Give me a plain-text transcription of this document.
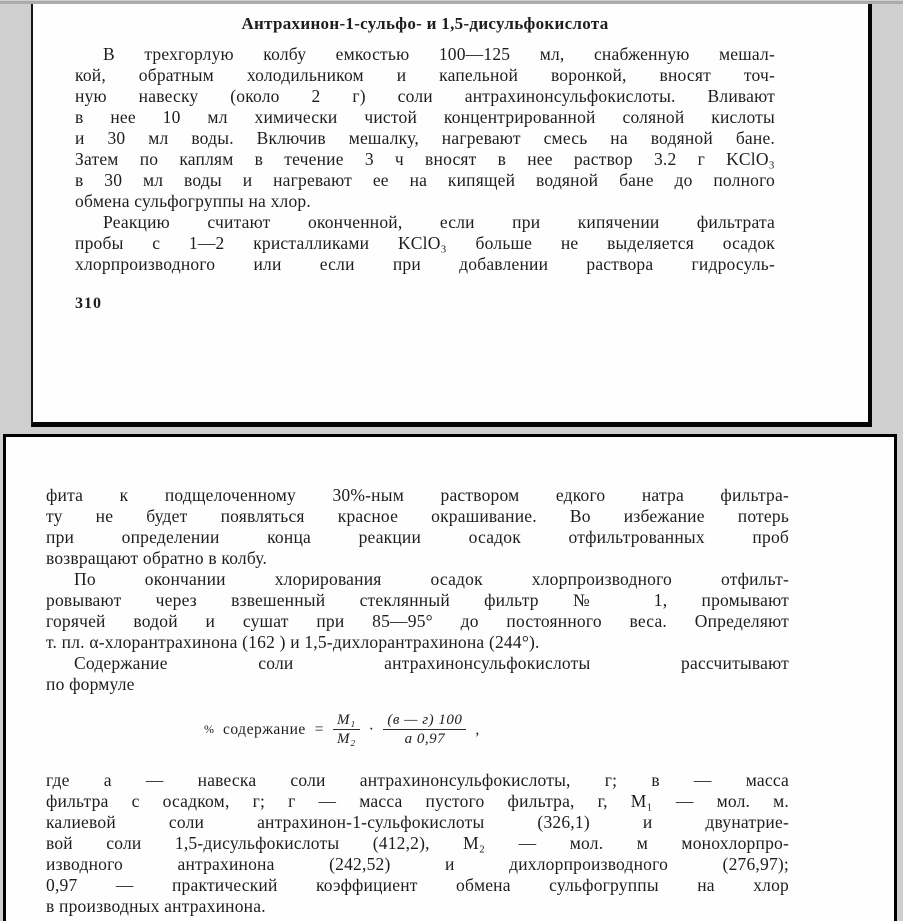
Антрахинон-1-сульфо- и 1,5-дисульфокислота
В трехгорлую колбу емкостью 100—125 мл, снабженную мешал-
кой, обратным холодильником и капельной воронкой, вносят точ-
ную навеску (около 2 г) соли антрахинонсульфокислоты. Вливают
в нее 10 мл химически чистой концентрированной соляной кислоты
и 30 мл воды. Включив мешалку, нагревают смесь на водяной бане.
Затем по каплям в течение 3 ч вносят в нее раствор 3.2 г KClO₃
в 30 мл воды и нагревают ее на кипящей водяной бане до полного
обмена сульфогруппы на хлор.
Реакцию считают оконченной, если при кипячении фильтрата
пробы с 1—2 кристалликами KClO₃ больше не выделяется осадок
хлорпроизводного или если при добавлении раствора гидросуль-
310
фита к подщелоченному 30%-ным раствором едкого натра фильтра-
ту не будет появляться красное окрашивание. Во избежание потерь
при определении конца реакции осадок отфильтрованных проб
возвращают обратно в колбу.
По окончании хлорирования осадок хлорпроизводного отфильт-
ровывают через взвешенный стеклянный фильтр № 1, промывают
горячей водой и сушат при 85—95° до постоянного веса. Определяют
т. пл. α-хлорантрахинона (162 ) и 1,5-дихлорантрахинона (244°).
Содержание соли антрахинонсульфокислоты рассчитывают
по формуле
% содержание = $\frac{\text{M₁}}{\text{M₂}} \cdot \frac{(в — г) 100}{а 0,97}$ ,
где а — навеска соли антрахинонсульфокислоты, г; в — масса
фильтра с осадком, г; г — масса пустого фильтра, г, М₁ — мол. м.
калиевой соли антрахинон-1-сульфокислоты (326,1) и двунатрие-
вой соли 1,5-дисульфокислоты (412,2), М₂ — мол. м монохлорпро-
изводного антрахинона (242,52) и дихлорпроизводного (276,97);
0,97 — практический коэффициент обмена сульфогруппы на хлор
в производных антрахинона.
